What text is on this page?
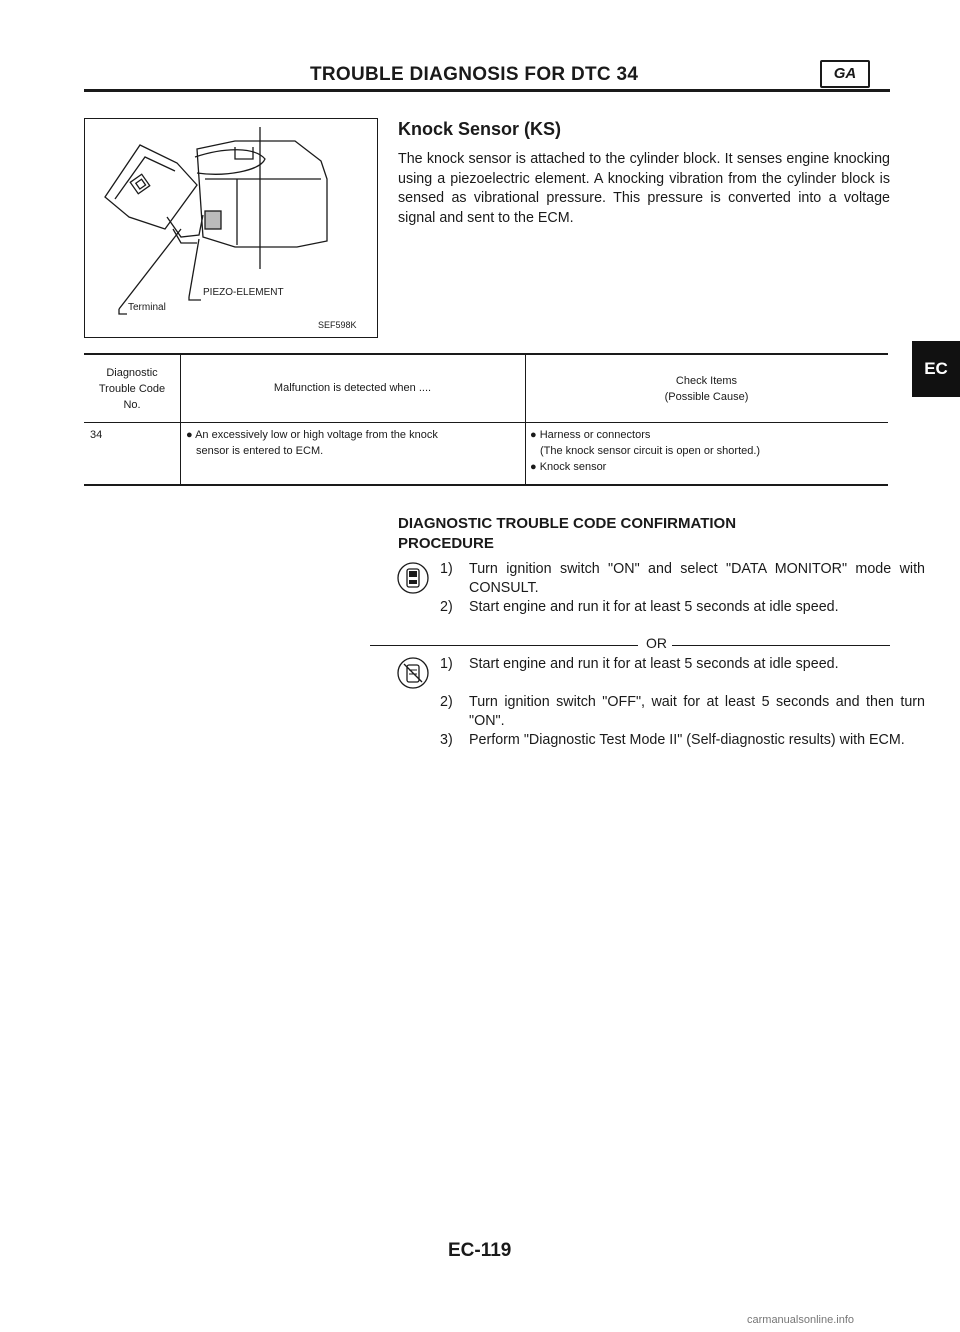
TROUBLE DIAGNOSIS FOR DTC 34	GA
PIEZO-ELEMENT
Terminal
SEF598K
Knock Sensor (KS)
The knock sensor is attached to the cylinder block. It senses engine knocking using a piezoelectric element. A knocking vibration from the cylinder block is sensed as vibrational pressure. This pressure is converted into a voltage signal and sent to the ECM.
EC
Diagnostic
Trouble Code
No.
Malfunction is detected when ....
Check Items
(Possible Cause)
34	● An excessively low or high voltage from the knock
sensor is entered to ECM.
● Harness or connectors
(The knock sensor circuit is open or shorted.)
● Knock sensor
DIAGNOSTIC TROUBLE CODE CONFIRMATION
PROCEDURE
1) Turn ignition switch "ON" and select "DATA MONITOR" mode with CONSULT.
2) Start engine and run it for at least 5 seconds at idle speed.
OR
1) Start engine and run it for at least 5 seconds at idle speed.
2) Turn ignition switch "OFF", wait for at least 5 seconds and then turn "ON".
3) Perform "Diagnostic Test Mode II" (Self-diagnostic results) with ECM.
EC-119
carmanualsonline.info
